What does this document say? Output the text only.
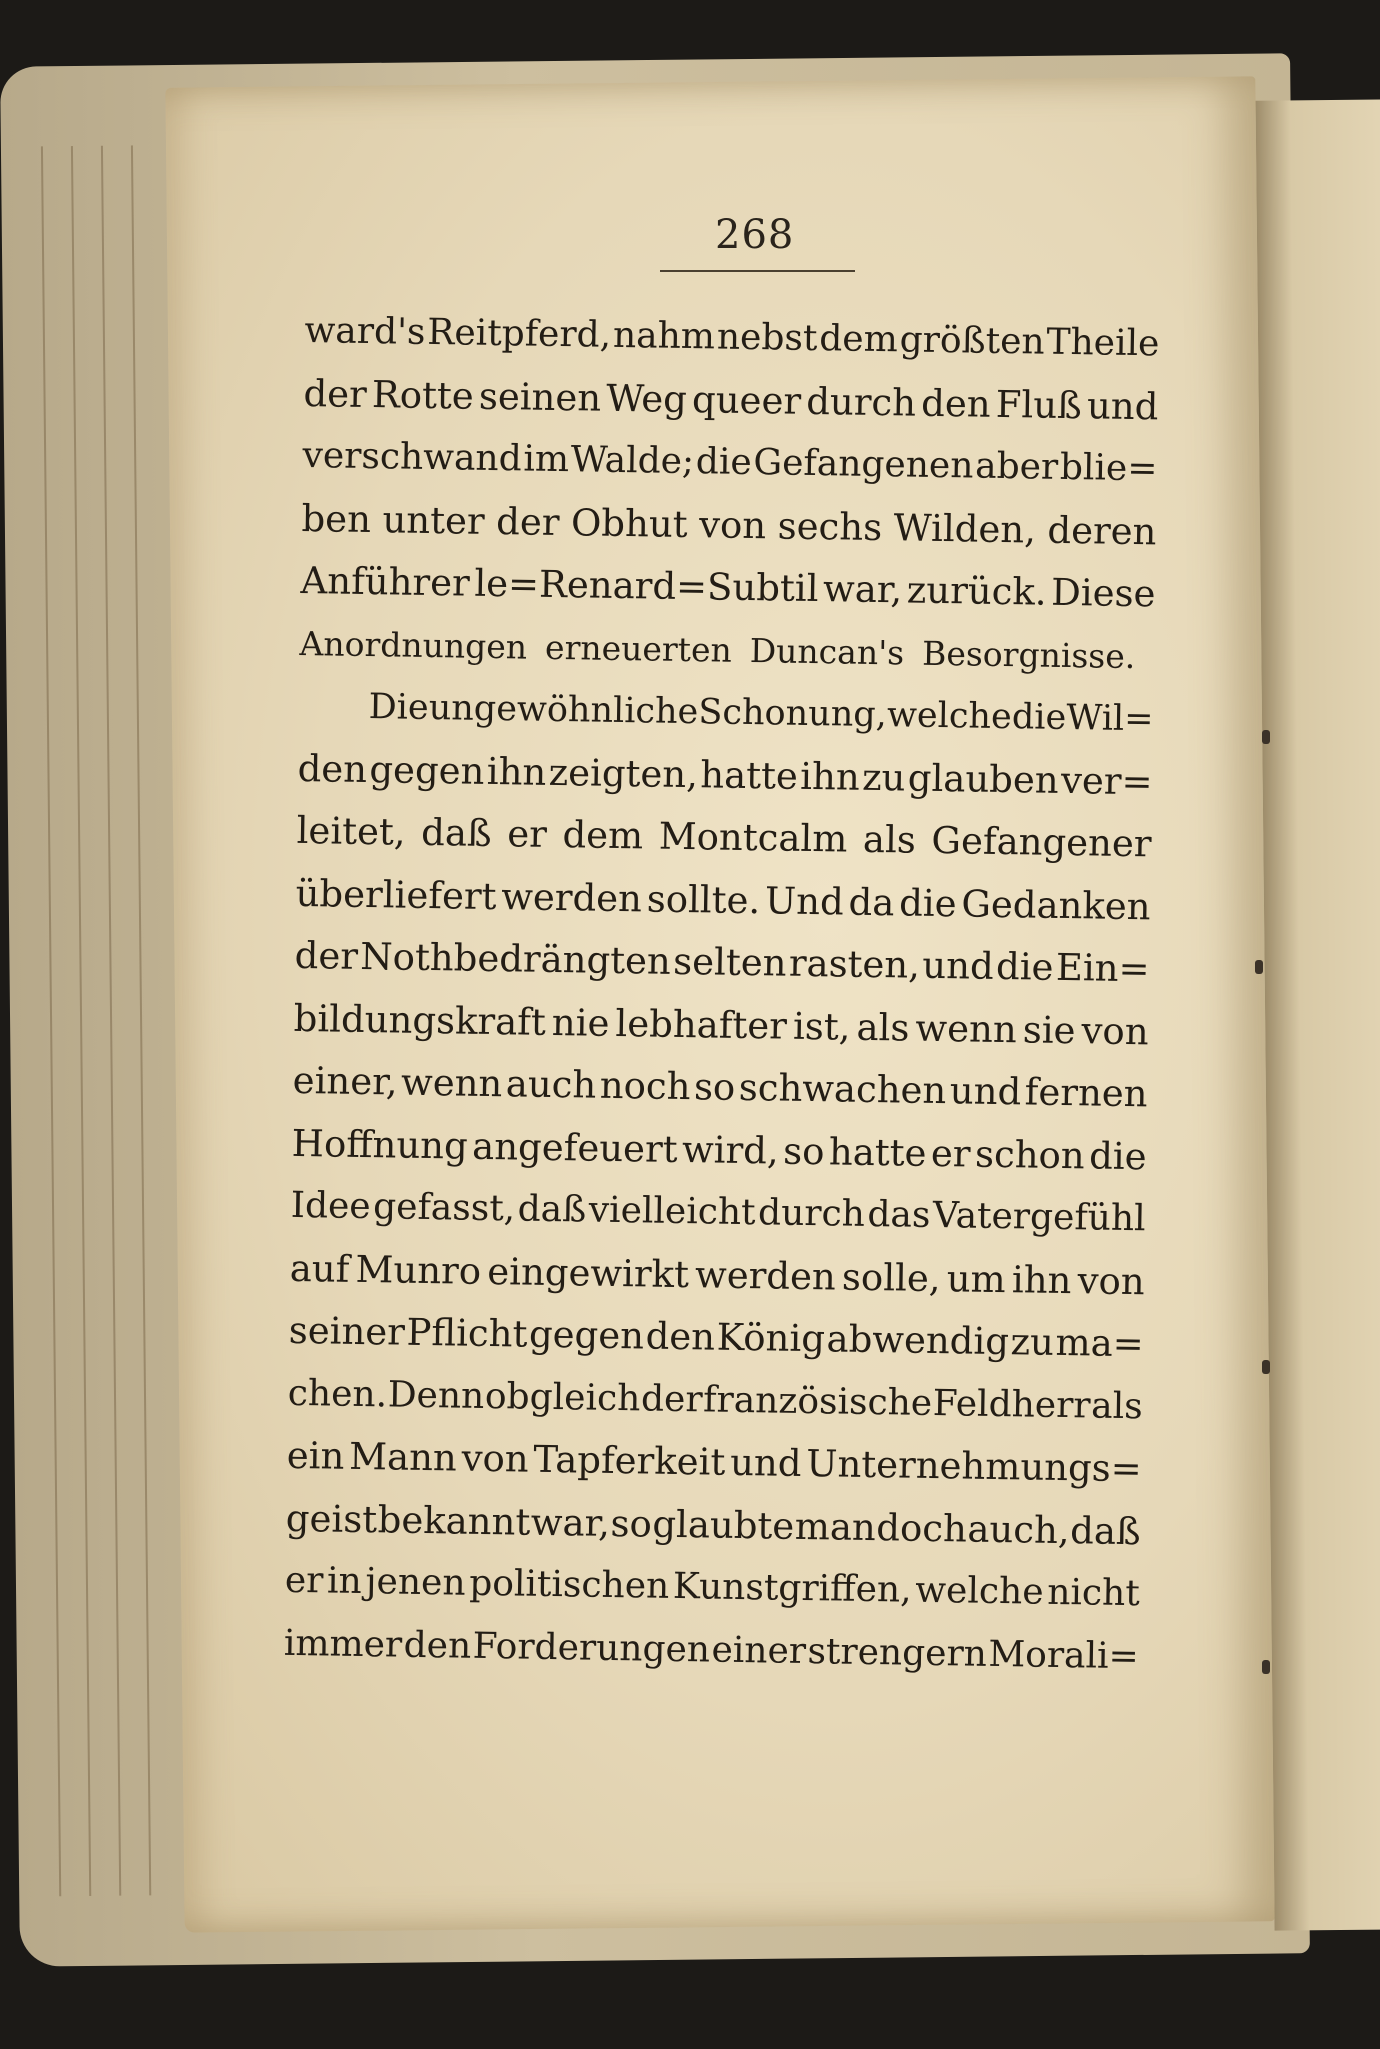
268

ward's Reitpferd, nahm nebst dem größten Theile
der Rotte seinen Weg queer durch den Fluß und
verschwand im Walde; die Gefangenen aber blie=
ben unter der Obhut von sechs Wilden, deren
Anführer le=Renard=Subtil war, zurück. Diese
Anordnungen erneuerten Duncan's Besorgnisse.
Die ungewöhnliche Schonung, welche die Wil=
den gegen ihn zeigten, hatte ihn zu glauben ver=
leitet, daß er dem Montcalm als Gefangener
überliefert werden sollte. Und da die Gedanken
der Nothbedrängten selten rasten, und die Ein=
bildungskraft nie lebhafter ist, als wenn sie von
einer, wenn auch noch so schwachen und fernen
Hoffnung angefeuert wird, so hatte er schon die
Idee gefasst, daß vielleicht durch das Vatergefühl
auf Munro eingewirkt werden solle, um ihn von
seiner Pflicht gegen den König abwendig zu ma=
chen. Denn obgleich der französische Feldherr als
ein Mann von Tapferkeit und Unternehmungs=
geist bekannt war, so glaubte man doch auch, daß
er in jenen politischen Kunstgriffen, welche nicht
immer den Forderungen einer strengern Morali=
